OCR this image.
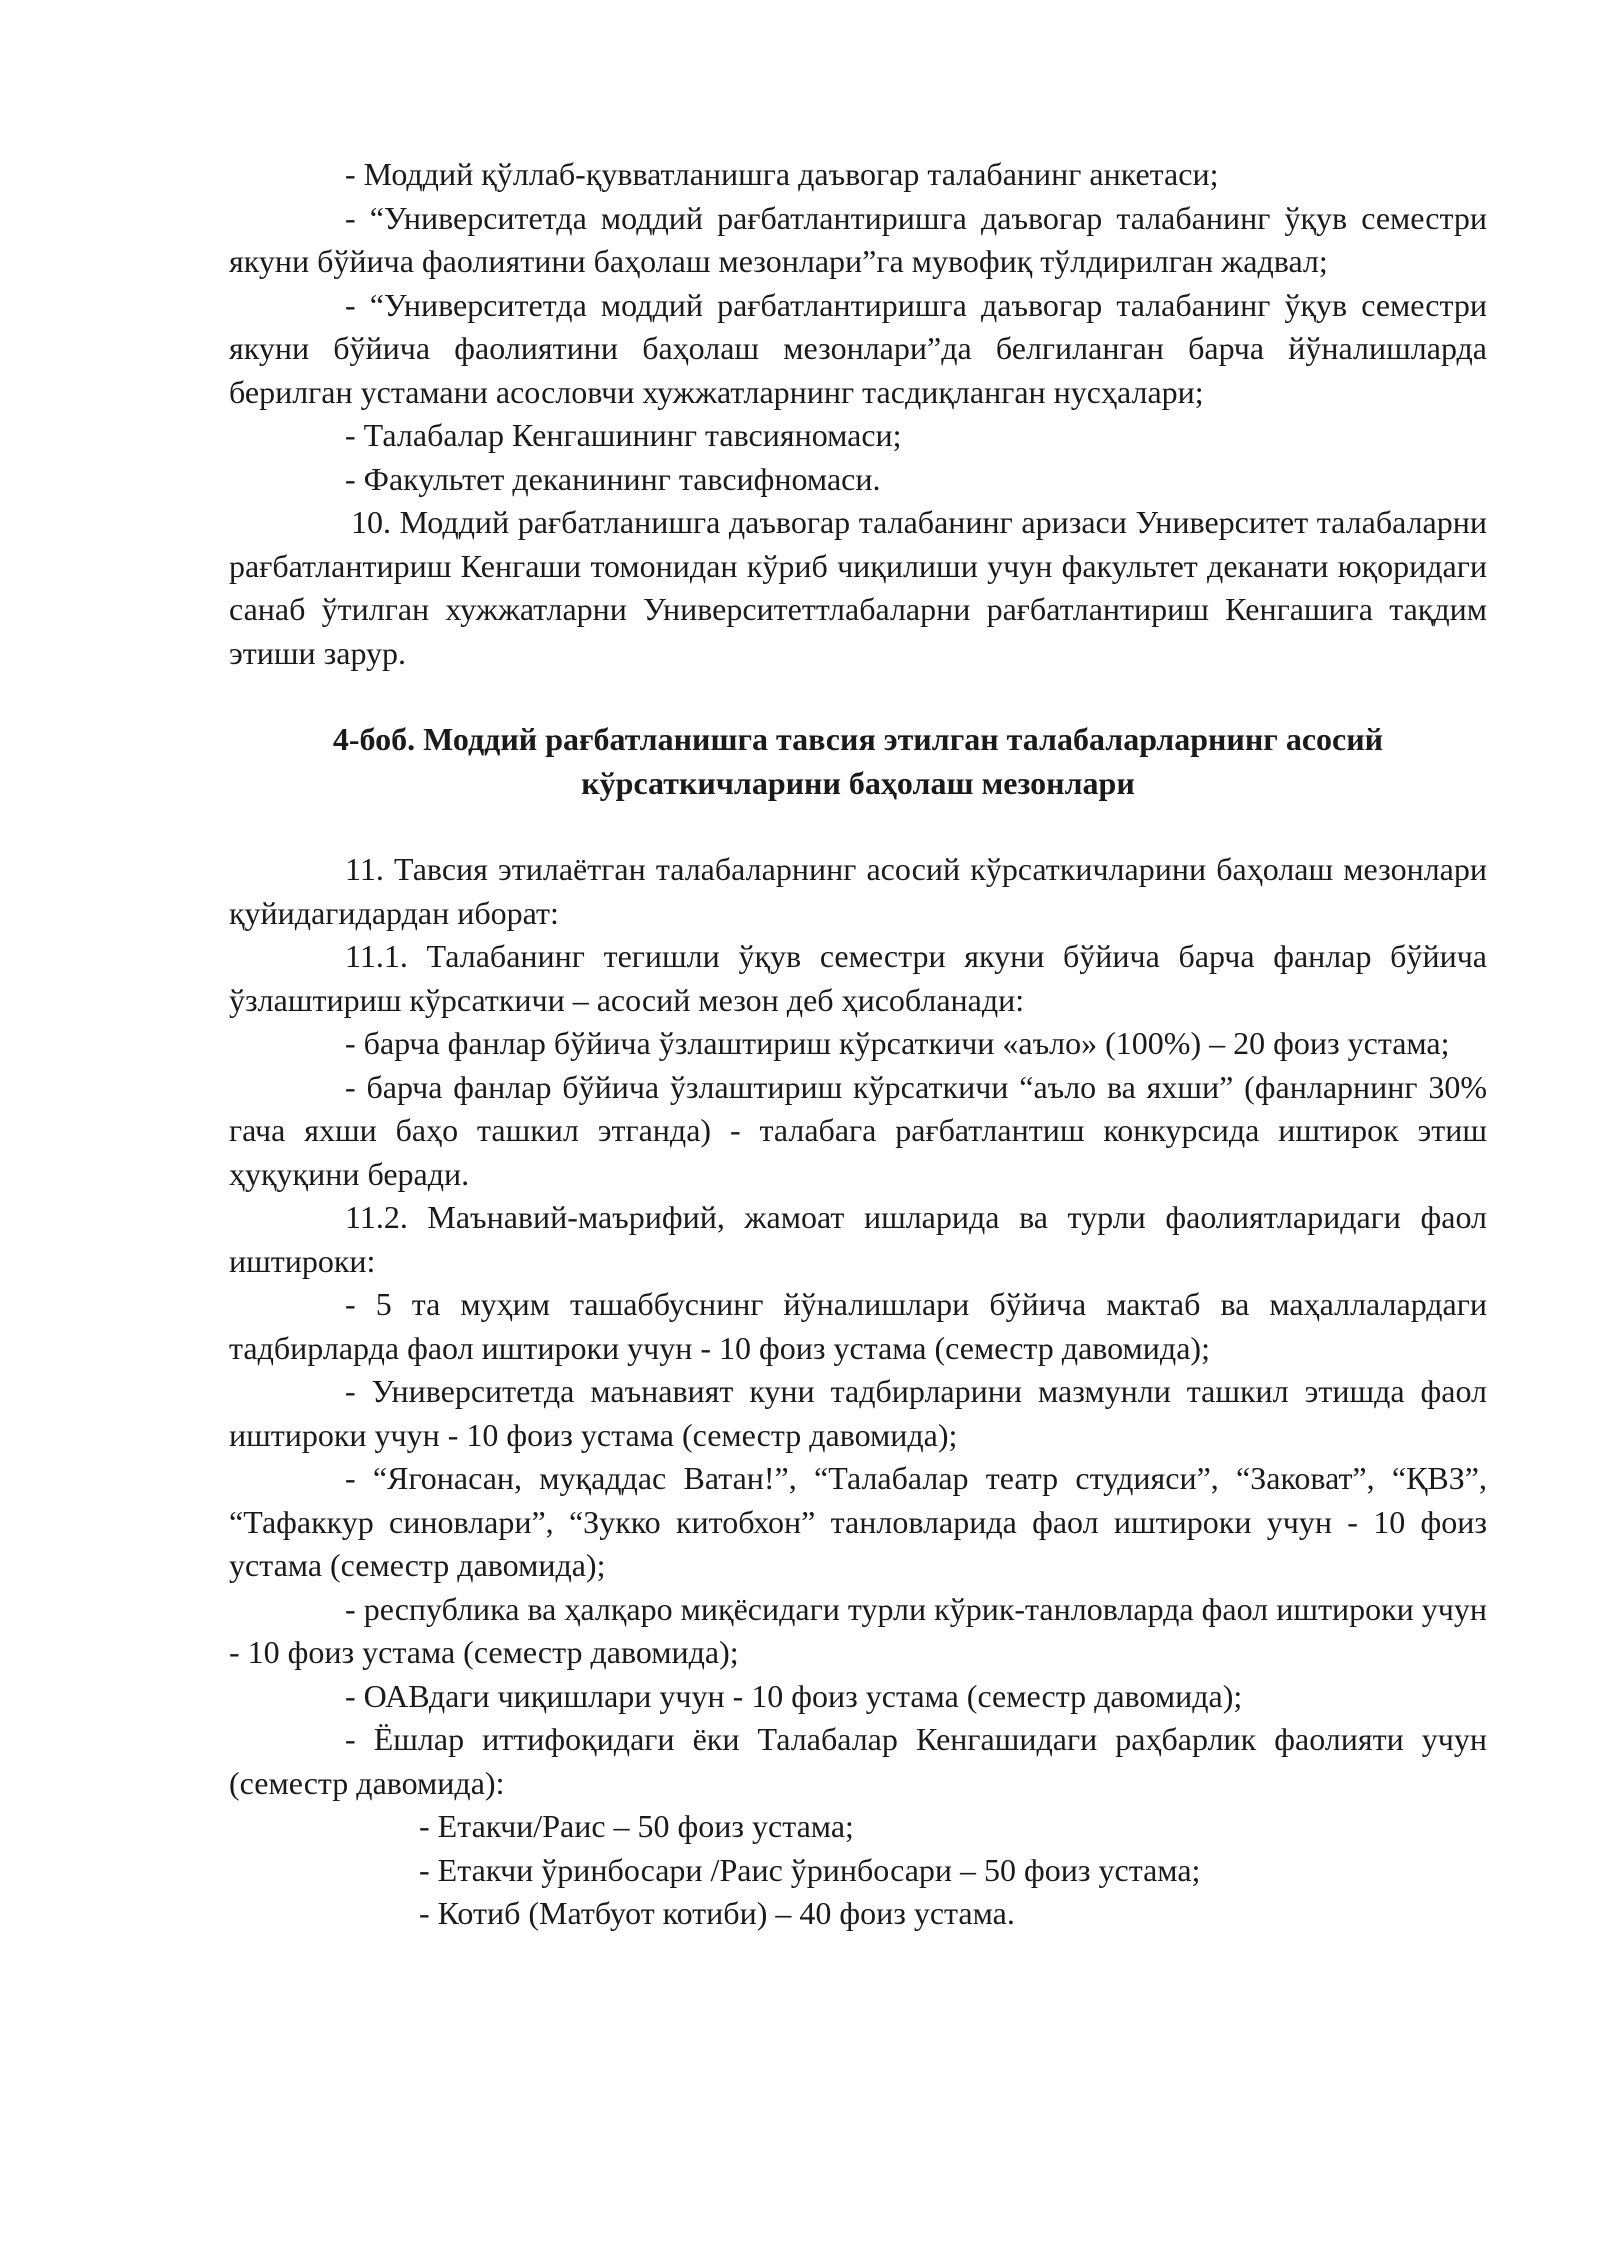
- Моддий қўллаб-қувватланишга даъвогар талабанинг анкетаси;

- “Университетда моддий рағбатлантиришга даъвогар талабанинг ўқув семестри якуни бўйича фаолиятини баҳолаш мезонлари”га мувофиқ тўлдирилган жадвал;

- “Университетда моддий рағбатлантиришга даъвогар талабанинг ўқув семестри якуни бўйича фаолиятини баҳолаш мезонлари”да белгиланган барча йўналишларда берилган устамани асословчи хужжатларнинг тасдиқланган нусҳалари;

- Талабалар Кенгашининг тавсияномаси;

- Факультет деканининг тавсифномаси.

10. Моддий рағбатланишга даъвогар талабанинг аризаси Университет талабаларни рағбатлантириш Кенгаши томонидан кўриб чиқилиши учун факультет деканати юқоридаги санаб ўтилган хужжатларни Университеттлабаларни рағбатлантириш Кенгашига тақдим этиши зарур.

4-боб. Моддий рағбатланишга тавсия этилган талабаларларнинг асосий кўрсаткичларини баҳолаш мезонлари

11. Тавсия этилаётган талабаларнинг асосий кўрсаткичларини баҳолаш мезонлари қуйидагидардан иборат:

11.1. Талабанинг тегишли ўқув семестри якуни бўйича барча фанлар бўйича ўзлаштириш кўрсаткичи – асосий мезон деб ҳисобланади:

- барча фанлар бўйича ўзлаштириш кўрсаткичи «аъло» (100%) – 20 фоиз устама;

- барча фанлар бўйича ўзлаштириш кўрсаткичи “аъло ва яхши” (фанларнинг 30% гача яхши баҳо ташкил этганда) - талабага рағбатлантиш конкурсида иштирок этиш ҳуқуқини беради.

11.2. Маънавий-маърифий, жамоат ишларида ва турли фаолиятларидаги фаол иштироки:

- 5 та муҳим ташаббуснинг йўналишлари бўйича мактаб ва маҳаллалардаги тадбирларда фаол иштироки учун - 10 фоиз устама (семестр давомида);

- Университетда маънавият куни тадбирларини мазмунли ташкил этишда фаол иштироки учун - 10 фоиз устама (семестр давомида);

- “Ягонасан, муқаддас Ватан!”, “Талабалар театр студияси”, “Заковат”, “ҚВЗ”, “Тафаккур синовлари”, “Зукко китобхон” танловларида фаол иштироки учун - 10 фоиз устама (семестр давомида);

- республика ва ҳалқаро миқёсидаги турли кўрик-танловларда фаол иштироки учун - 10 фоиз устама (семестр давомида);

- ОАВдаги чиқишлари учун - 10 фоиз устама (семестр давомида);

- Ёшлар иттифоқидаги ёки Талабалар Кенгашидаги раҳбарлик фаолияти учун (семестр давомида):

- Етакчи/Раис – 50 фоиз устама;

- Етакчи ўринбосари /Раис ўринбосари – 50 фоиз устама;

- Котиб (Матбуот котиби) – 40 фоиз устама.
